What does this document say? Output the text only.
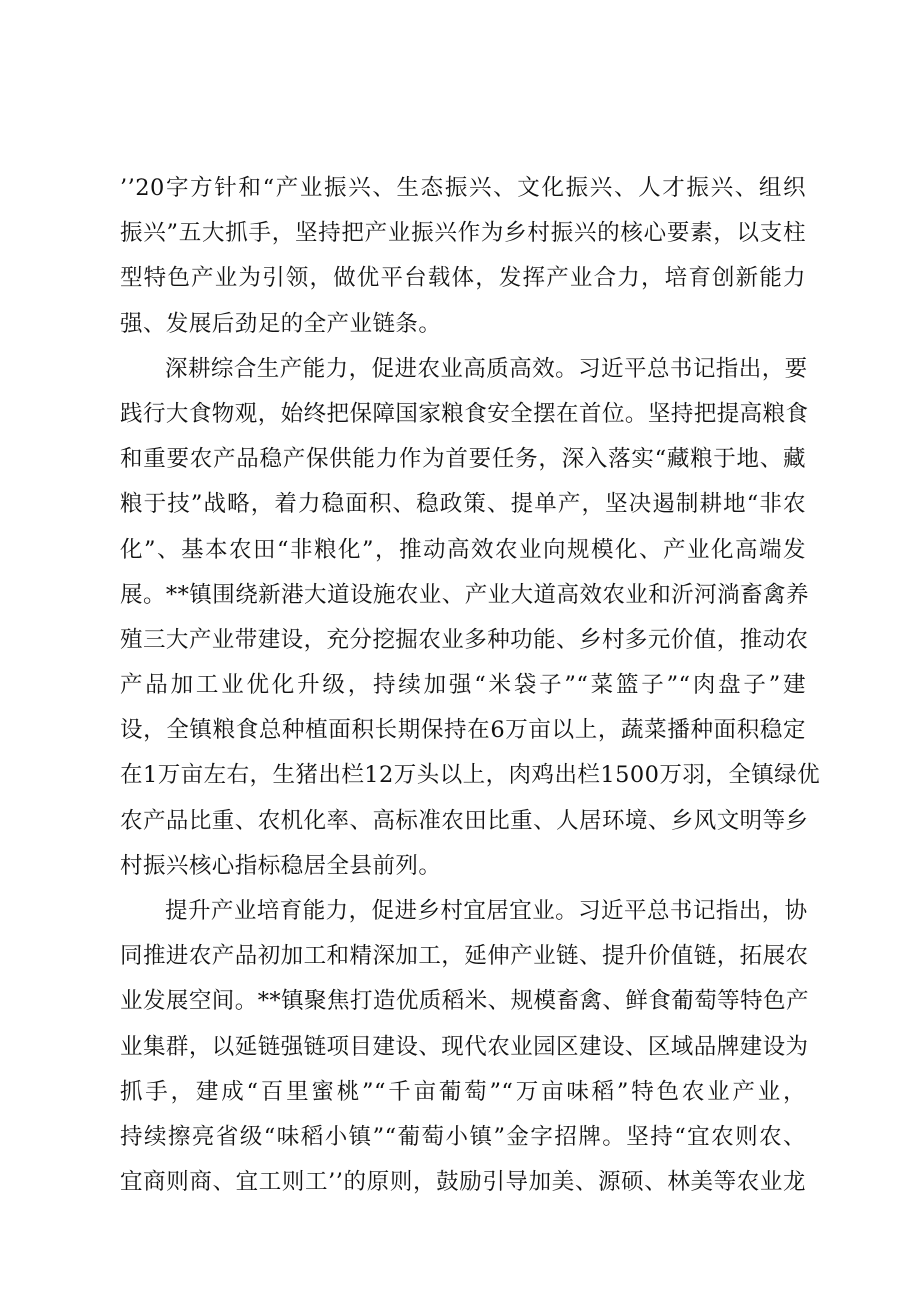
’’20字方针和“产业振兴、生态振兴、文化振兴、人才振兴、组织
振兴”五大抓手，坚持把产业振兴作为乡村振兴的核心要素，以支柱
型特色产业为引领，做优平台载体，发挥产业合力，培育创新能力
强、发展后劲足的全产业链条。
深耕综合生产能力，促进农业高质高效。习近平总书记指出，要
践行大食物观，始终把保障国家粮食安全摆在首位。坚持把提高粮食
和重要农产品稳产保供能力作为首要任务，深入落实“藏粮于地、藏
粮于技”战略，着力稳面积、稳政策、提单产，坚决遏制耕地“非农
化”、基本农田“非粮化”，推动高效农业向规模化、产业化高端发
展。**镇围绕新港大道设施农业、产业大道高效农业和沂河淌畜禽养
殖三大产业带建设，充分挖掘农业多种功能、乡村多元价值，推动农
产品加工业优化升级，持续加强“米袋子”“菜篮子”“肉盘子”建
设，全镇粮食总种植面积长期保持在6万亩以上，蔬菜播种面积稳定
在1万亩左右，生猪出栏12万头以上，肉鸡出栏1500万羽，全镇绿优
农产品比重、农机化率、高标准农田比重、人居环境、乡风文明等乡
村振兴核心指标稳居全县前列。
提升产业培育能力，促进乡村宜居宜业。习近平总书记指出，协
同推进农产品初加工和精深加工，延伸产业链、提升价值链，拓展农
业发展空间。**镇聚焦打造优质稻米、规模畜禽、鲜食葡萄等特色产
业集群，以延链强链项目建设、现代农业园区建设、区域品牌建设为
抓手，建成“百里蜜桃”“千亩葡萄”“万亩味稻”特色农业产业，
持续擦亮省级“味稻小镇”“葡萄小镇”金字招牌。坚持“宜农则农、
宜商则商、宜工则工’’的原则，鼓励引导加美、源硕、林美等农业龙
